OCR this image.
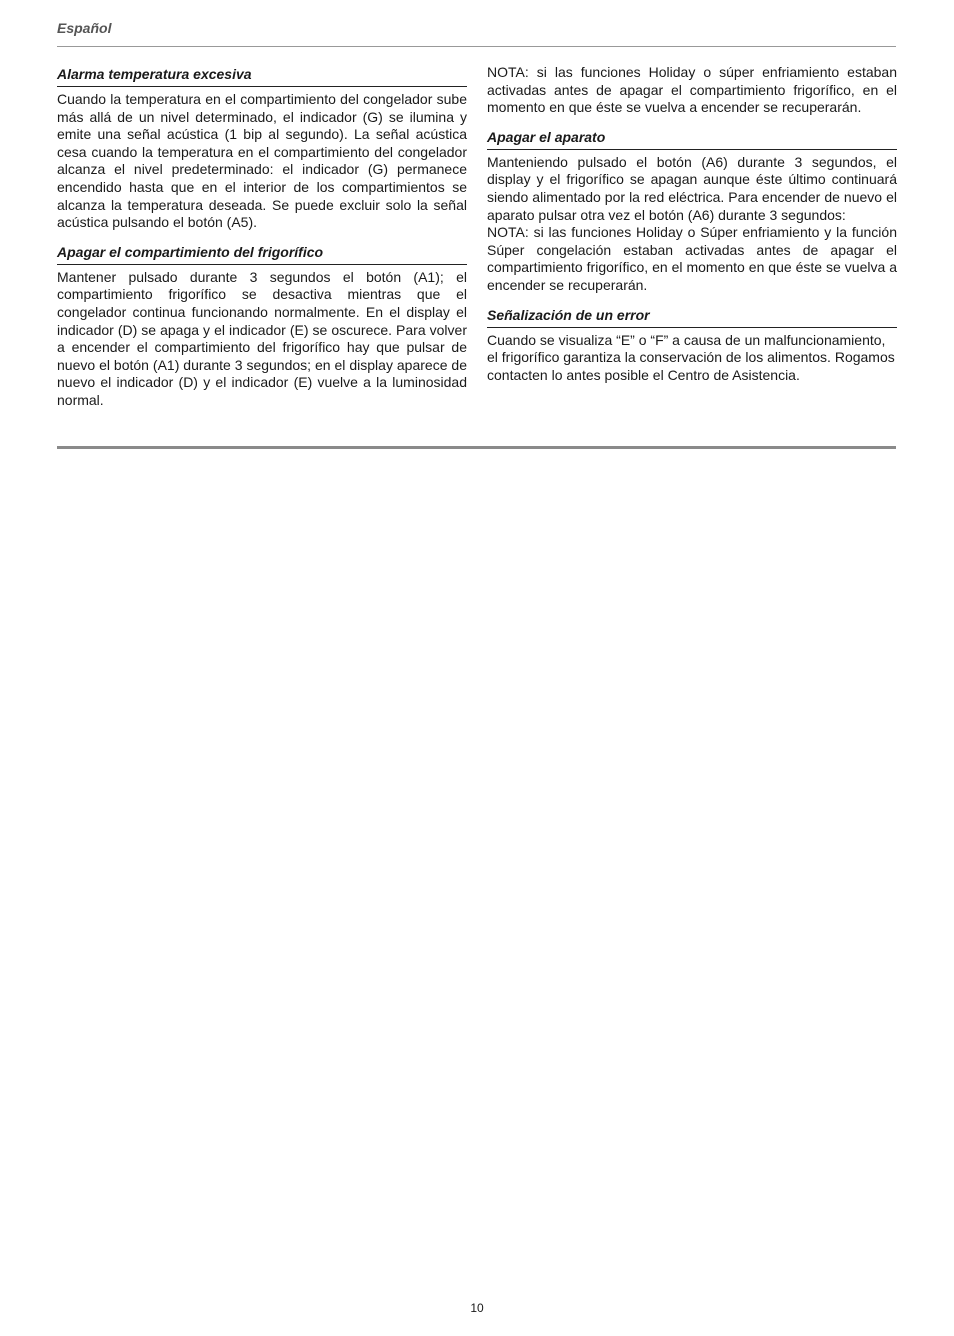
Español
Alarma temperatura excesiva

Cuando la temperatura en el compartimiento del congelador sube más allá de un nivel determinado, el indicador (G) se ilumina y emite una señal acústica (1 bip al segundo). La señal acústica cesa cuando la temperatura en el compartimiento del congelador alcanza el nivel predeterminado: el indicador (G) permanece encendido hasta que en el interior de los compartimientos se alcanza la temperatura deseada. Se puede excluir solo la señal acústica pulsando el botón (A5).

Apagar el compartimiento del frigorífico

Mantener pulsado durante 3 segundos el botón (A1); el compartimiento frigorífico se desactiva mientras que el congelador continua funcionando normalmente. En el display el indicador (D) se apaga y el indicador (E) se oscurece. Para volver a encender el compartimiento del frigorífico hay que pulsar de nuevo el botón (A1) durante 3 segundos; en el display aparece de nuevo el indicador (D) y el indicador (E) vuelve a la luminosidad normal.

NOTA: si las funciones Holiday o súper enfriamiento estaban activadas antes de apagar el compartimiento frigorífico, en el momento en que éste se vuelva a encender se recuperarán.

Apagar el aparato

Manteniendo pulsado el botón (A6) durante 3 segundos, el display y el frigorífico se apagan aunque éste último continuará siendo alimentado por la red eléctrica. Para encender de nuevo el aparato pulsar otra vez el botón (A6) durante 3 segundos:

NOTA: si las funciones Holiday o Súper enfriamiento y la función Súper congelación estaban activadas antes de apagar el compartimiento frigorífico, en el momento en que éste se vuelva a encender se recuperarán.

Señalización de un error

Cuando se visualiza “E” o “F” a causa de un malfuncionamiento, el frigorífico garantiza la conservación de los alimentos. Rogamos contacten lo antes posible el Centro de Asistencia.

10
